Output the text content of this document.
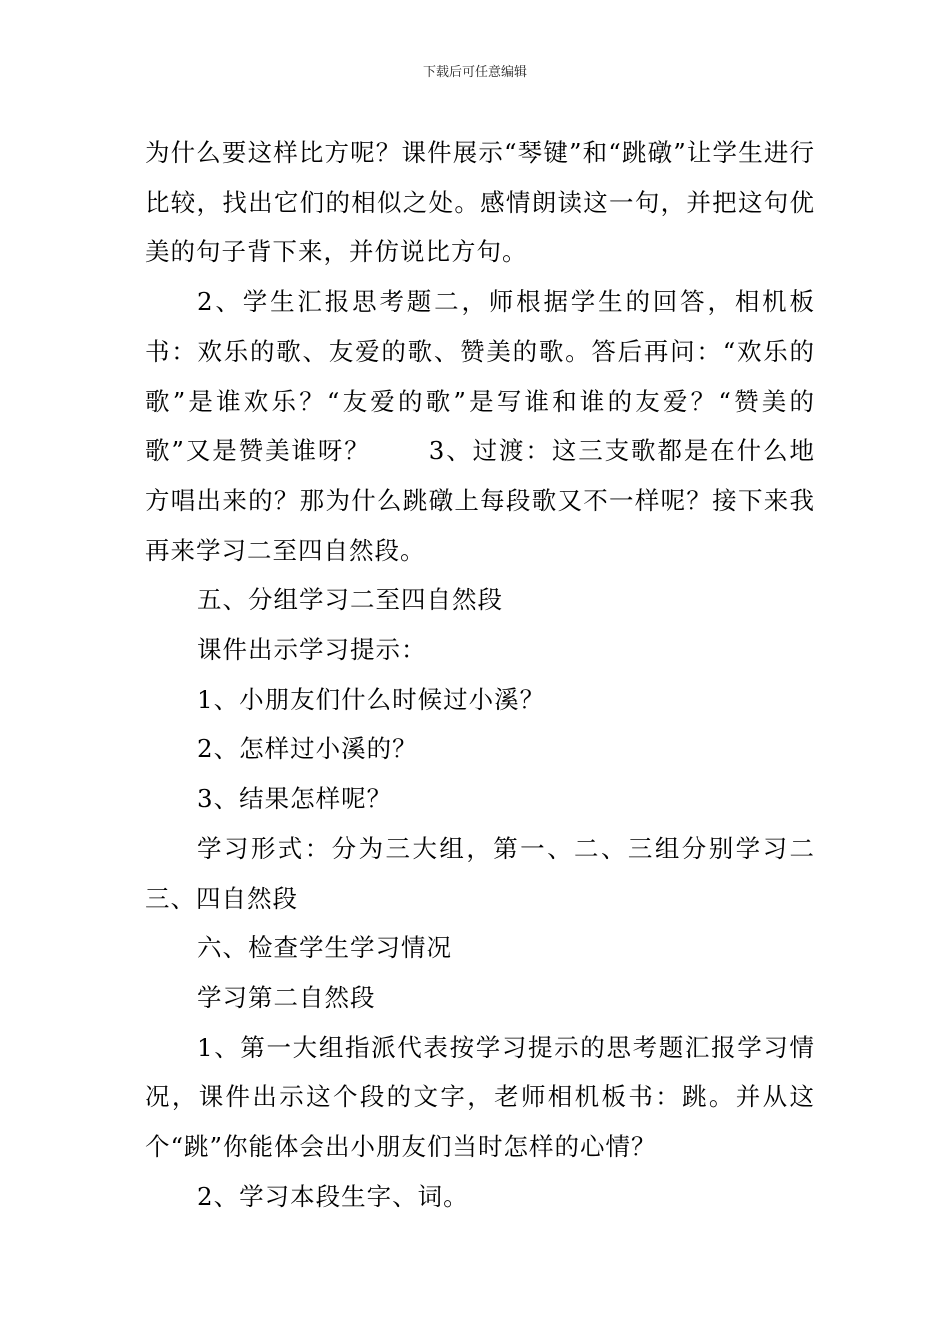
下载后可任意编辑

为什么要这样比方呢？课件展示“琴键”和“跳礅”让学生进行比较，找出它们的相似之处。感情朗读这一句，并把这句优美的句子背下来，并仿说比方句。

2、学生汇报思考题二，师根据学生的回答，相机板书：欢乐的歌、友爱的歌、赞美的歌。答后再问：“欢乐的歌”是谁欢乐？“友爱的歌”是写谁和谁的友爱？“赞美的歌”又是赞美谁呀？ 3、过渡：这三支歌都是在什么地方唱出来的？那为什么跳礅上每段歌又不一样呢？接下来我再来学习二至四自然段。

五、分组学习二至四自然段

课件出示学习提示：

1、小朋友们什么时候过小溪？

2、怎样过小溪的？

3、结果怎样呢？

学习形式：分为三大组，第一、二、三组分别学习二三、四自然段

六、检查学生学习情况

学习第二自然段

1、第一大组指派代表按学习提示的思考题汇报学习情况，课件出示这个段的文字，老师相机板书：跳。并从这个“跳”你能体会出小朋友们当时怎样的心情？

2、学习本段生字、词。
